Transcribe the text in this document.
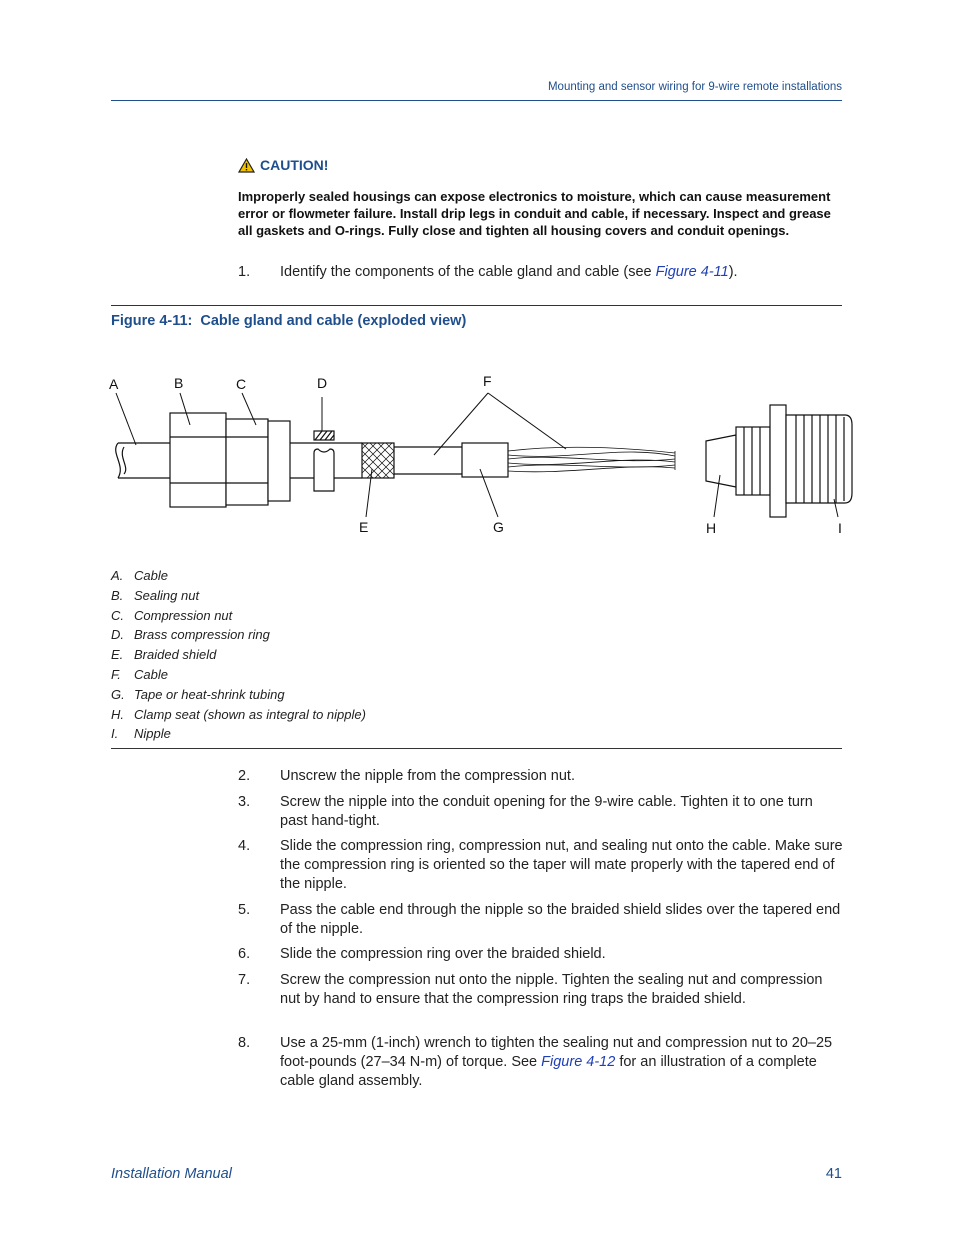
Mounting and sensor wiring for 9-wire remote installations
CAUTION!
Improperly sealed housings can expose electronics to moisture, which can cause measurement error or flowmeter failure. Install drip legs in conduit and cable, if necessary. Inspect and grease all gaskets and O-rings. Fully close and tighten all housing covers and conduit openings.
1.	Identify the components of the cable gland and cable (see Figure 4-11).
Figure 4-11: Cable gland and cable (exploded view)
A	B	C	D	F
E	G	H	I
A. Cable
B. Sealing nut
C. Compression nut
D. Brass compression ring
E. Braided shield
F.	Cable
G. Tape or heat-shrink tubing
H. Clamp seat (shown as integral to nipple)
I.	Nipple
2.	Unscrew the nipple from the compression nut.
3.	Screw the nipple into the conduit opening for the 9-wire cable. Tighten it to one turn past hand-tight.
4.	Slide the compression ring, compression nut, and sealing nut onto the cable. Make sure the compression ring is oriented so the taper will mate properly with the tapered end of the nipple.
5.	Pass the cable end through the nipple so the braided shield slides over the tapered end of the nipple.
6.	Slide the compression ring over the braided shield.
7.	Screw the compression nut onto the nipple. Tighten the sealing nut and compression nut by hand to ensure that the compression ring traps the braided shield.
8.	Use a 25-mm (1-inch) wrench to tighten the sealing nut and compression nut to 20–25 foot-pounds (27–34 N-m) of torque. See Figure 4-12 for an illustration of a complete cable gland assembly.
Installation Manual	41
